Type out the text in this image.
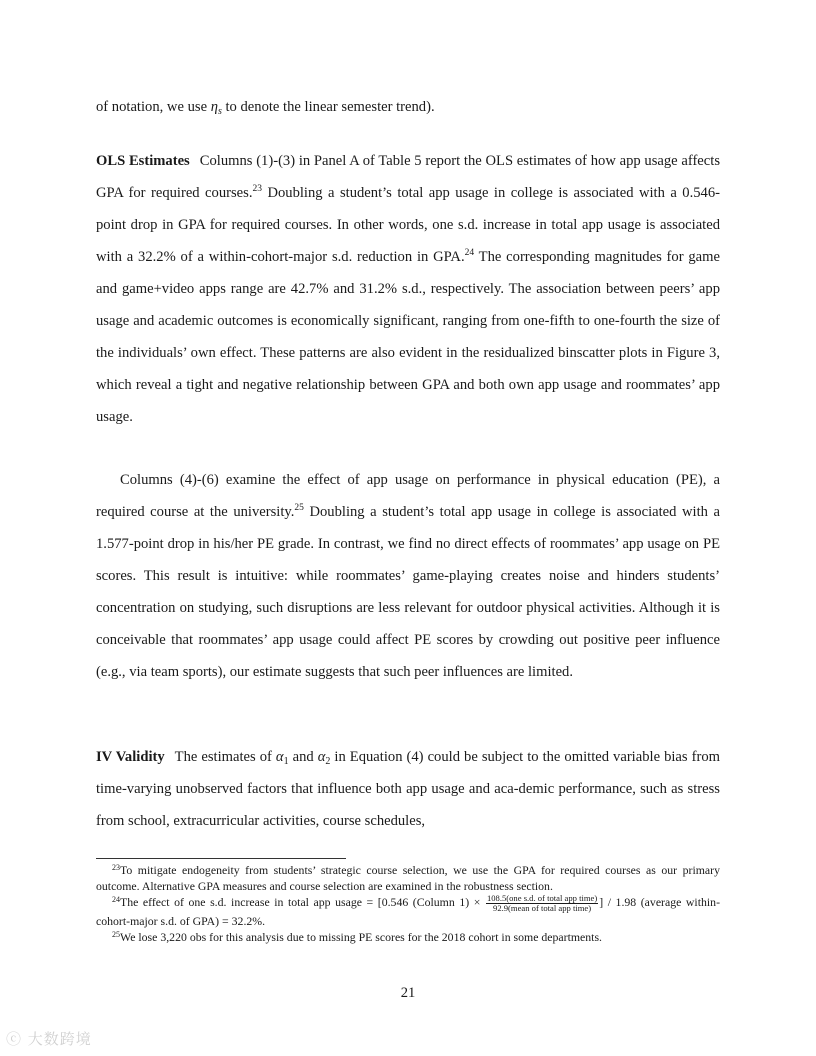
of notation, we use $\eta_s$ to denote the linear semester trend).
OLS Estimates Columns (1)-(3) in Panel A of Table 5 report the OLS estimates of how app usage affects GPA for required courses.$^{23}$ Doubling a student’s total app usage in college is associated with a 0.546-point drop in GPA for required courses. In other words, one s.d. increase in total app usage is associated with a 32.2% of a within-cohort-major s.d. reduction in GPA.$^{24}$ The corresponding magnitudes for game and game+video apps range are 42.7% and 31.2% s.d., respectively. The association between peers’ app usage and academic outcomes is economically significant, ranging from one-fifth to one-fourth the size of the individuals’ own effect. These patterns are also evident in the residualized binscatter plots in Figure 3, which reveal a tight and negative relationship between GPA and both own app usage and roommates’ app usage.
Columns (4)-(6) examine the effect of app usage on performance in physical education (PE), a required course at the university.$^{25}$ Doubling a student’s total app usage in college is associated with a 1.577-point drop in his/her PE grade. In contrast, we find no direct effects of roommates’ app usage on PE scores. This result is intuitive: while roommates’ game-playing creates noise and hinders students’ concentration on studying, such disruptions are less relevant for outdoor physical activities. Although it is conceivable that roommates’ app usage could affect PE scores by crowding out positive peer influence (e.g., via team sports), our estimate suggests that such peer influences are limited.
IV Validity The estimates of $\alpha_1$ and $\alpha_2$ in Equation (4) could be subject to the omitted variable bias from time-varying unobserved factors that influence both app usage and aca-demic performance, such as stress from school, extracurricular activities, course schedules,

$^{23}$To mitigate endogeneity from students’ strategic course selection, we use the GPA for required courses as our primary outcome. Alternative GPA measures and course selection are examined in the robustness section.

$^{24}$The effect of one s.d. increase in total app usage = [0.546 (Column $1) \times \frac{\text{108.5(one s.d. of total app time)}}{\text{92.9(mean of total app time)}}$ ] / 1.98 (average within-cohort-major s.d. of GPA) = 32.2%.

$^{25}$We lose 3,220 obs for this analysis due to missing PE scores for the 2018 cohort in some departments.

21
ⓒ 大数跨境
